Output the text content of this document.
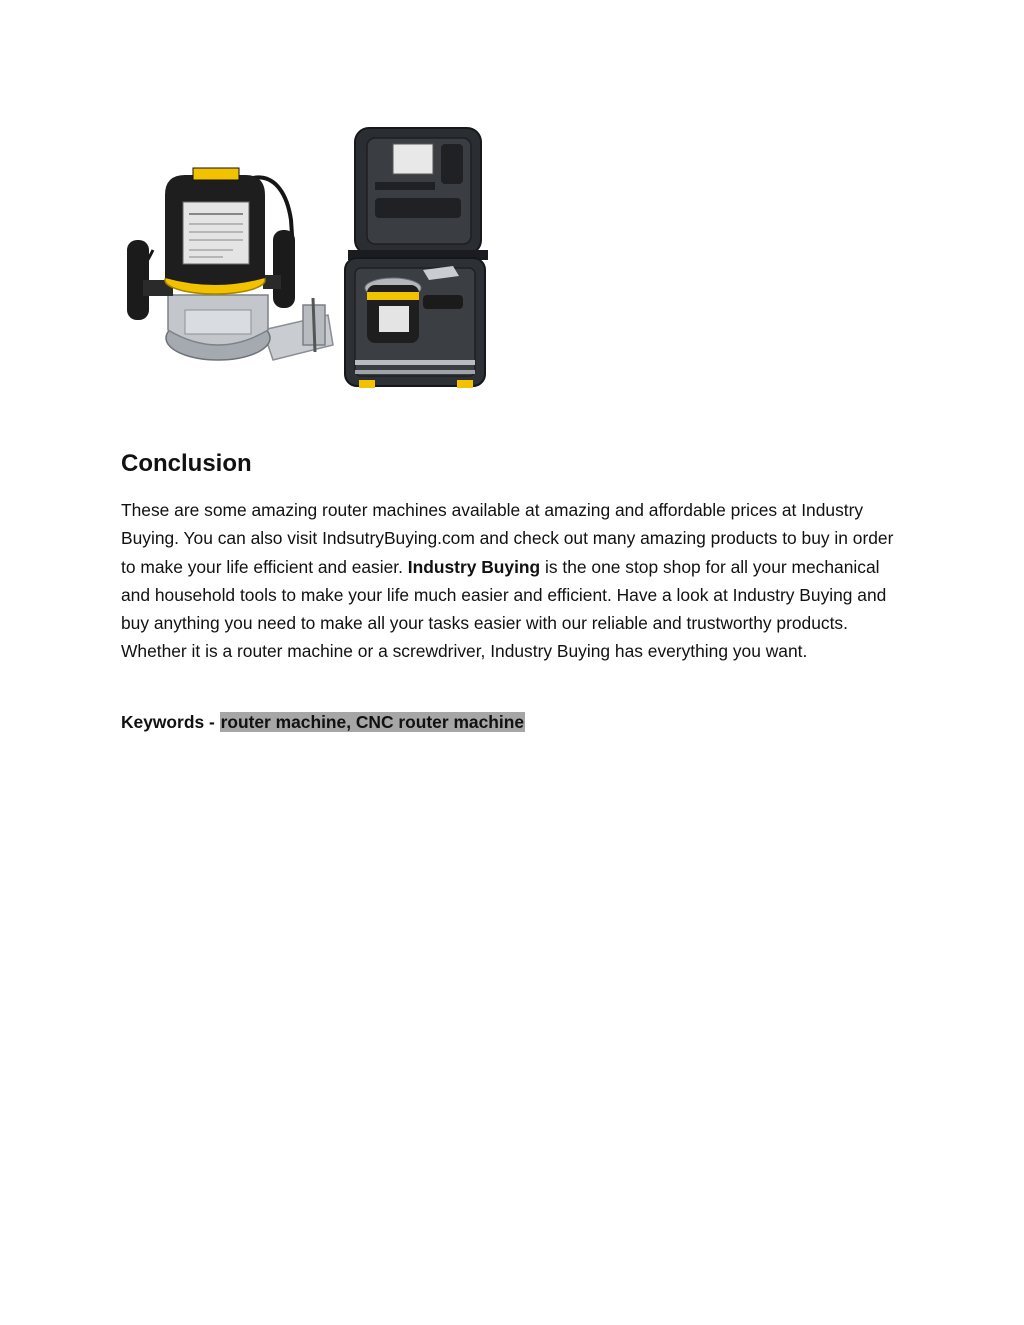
Conclusion

These are some amazing router machines available at amazing and affordable prices at Industry Buying. You can also visit IndsutryBuying.com and check out many amazing products to buy in order to make your life efficient and easier. Industry Buying is the one stop shop for all your mechanical and household tools to make your life much easier and efficient. Have a look at Industry Buying and buy anything you need to make all your tasks easier with our reliable and trustworthy products. Whether it is a router machine or a screwdriver, Industry Buying has everything you want.

Keywords - router machine, CNC router machine
